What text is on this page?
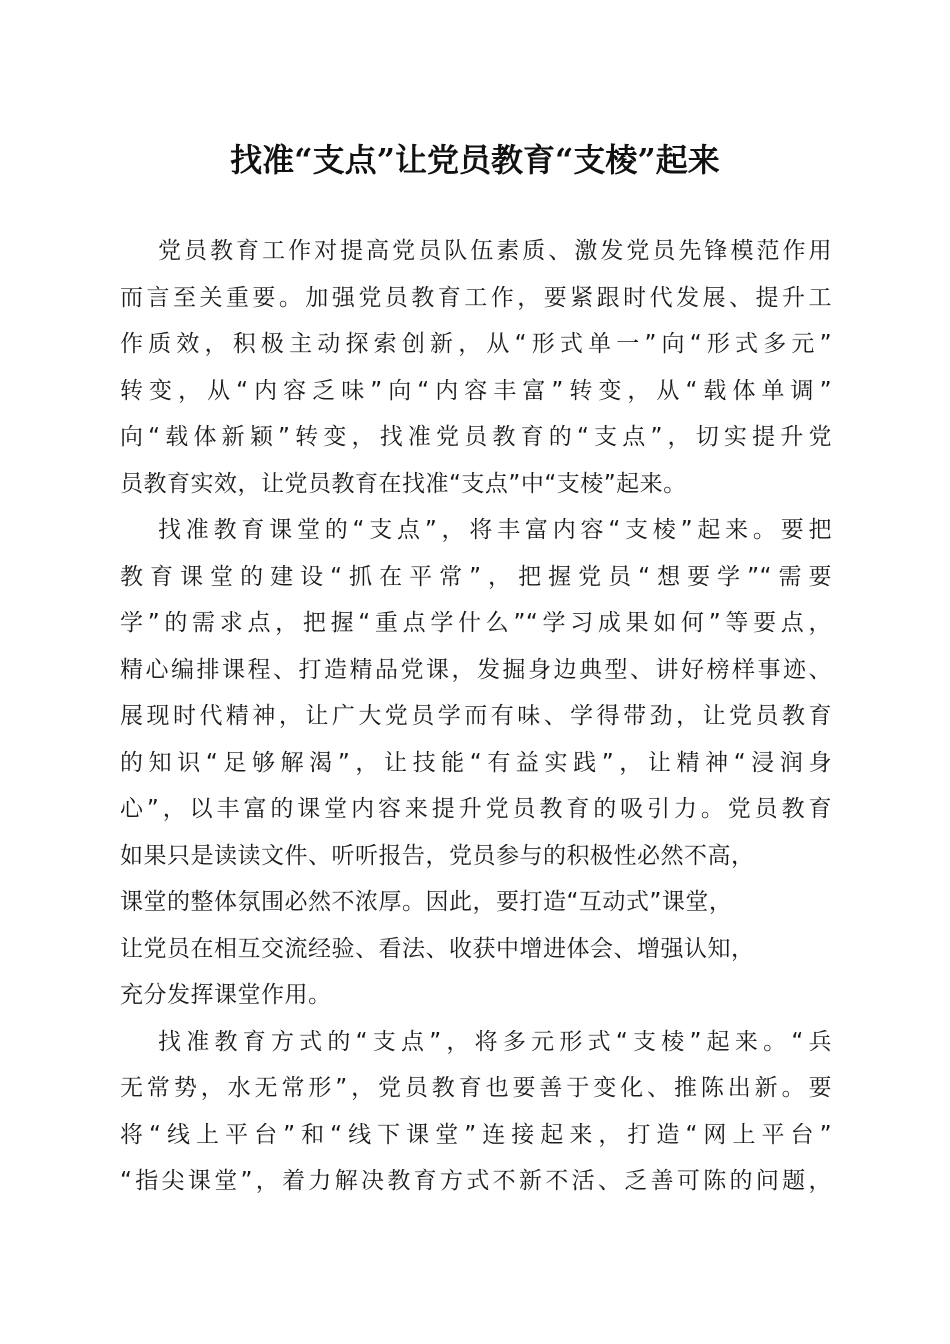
找准“支点”让党员教育“支棱”起来
党员教育工作对提高党员队伍素质、激发党员先锋模范作用
而言至关重要。加强党员教育工作，要紧跟时代发展、提升工
作质效，积极主动探索创新，从“形式单一”向“形式多元”
转变，从“内容乏味”向“内容丰富”转变，从“载体单调”
向“载体新颖”转变，找准党员教育的“支点”，切实提升党
员教育实效，让党员教育在找准“支点”中“支棱”起来。
找准教育课堂的“支点”，将丰富内容“支棱”起来。要把
教育课堂的建设“抓在平常”，把握党员“想要学”“需要
学”的需求点，把握“重点学什么”“学习成果如何”等要点，
精心编排课程、打造精品党课，发掘身边典型、讲好榜样事迹、
展现时代精神，让广大党员学而有味、学得带劲，让党员教育
的知识“足够解渴”，让技能“有益实践”，让精神“浸润身
心”，以丰富的课堂内容来提升党员教育的吸引力。党员教育
如果只是读读文件、听听报告，党员参与的积极性必然不高，
课堂的整体氛围必然不浓厚。因此，要打造“互动式”课堂，
让党员在相互交流经验、看法、收获中增进体会、增强认知，
充分发挥课堂作用。
找准教育方式的“支点”，将多元形式“支棱”起来。“兵
无常势，水无常形”，党员教育也要善于变化、推陈出新。要
将“线上平台”和“线下课堂”连接起来，打造“网上平台”
“指尖课堂”，着力解决教育方式不新不活、乏善可陈的问题，
